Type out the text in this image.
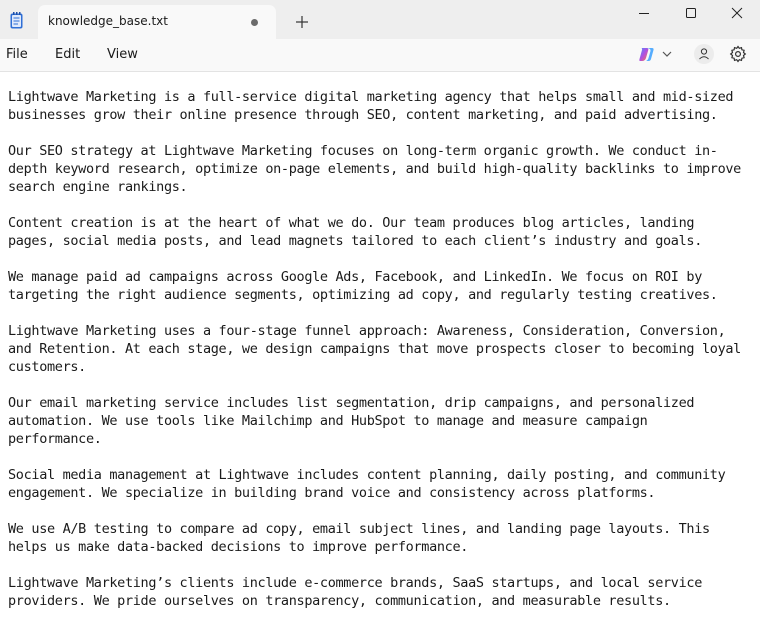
knowledge_base.txt
File Edit View

Lightwave Marketing is a full-service digital marketing agency that helps small and mid-sized
businesses grow their online presence through SEO, content marketing, and paid advertising.

Our SEO strategy at Lightwave Marketing focuses on long-term organic growth. We conduct in-
depth keyword research, optimize on-page elements, and build high-quality backlinks to improve
search engine rankings.

Content creation is at the heart of what we do. Our team produces blog articles, landing
pages, social media posts, and lead magnets tailored to each client’s industry and goals.

We manage paid ad campaigns across Google Ads, Facebook, and LinkedIn. We focus on ROI by
targeting the right audience segments, optimizing ad copy, and regularly testing creatives.

Lightwave Marketing uses a four-stage funnel approach: Awareness, Consideration, Conversion,
and Retention. At each stage, we design campaigns that move prospects closer to becoming loyal
customers.

Our email marketing service includes list segmentation, drip campaigns, and personalized
automation. We use tools like Mailchimp and HubSpot to manage and measure campaign
performance.

Social media management at Lightwave includes content planning, daily posting, and community
engagement. We specialize in building brand voice and consistency across platforms.

We use A/B testing to compare ad copy, email subject lines, and landing page layouts. This
helps us make data-backed decisions to improve performance.

Lightwave Marketing’s clients include e-commerce brands, SaaS startups, and local service
providers. We pride ourselves on transparency, communication, and measurable results.
